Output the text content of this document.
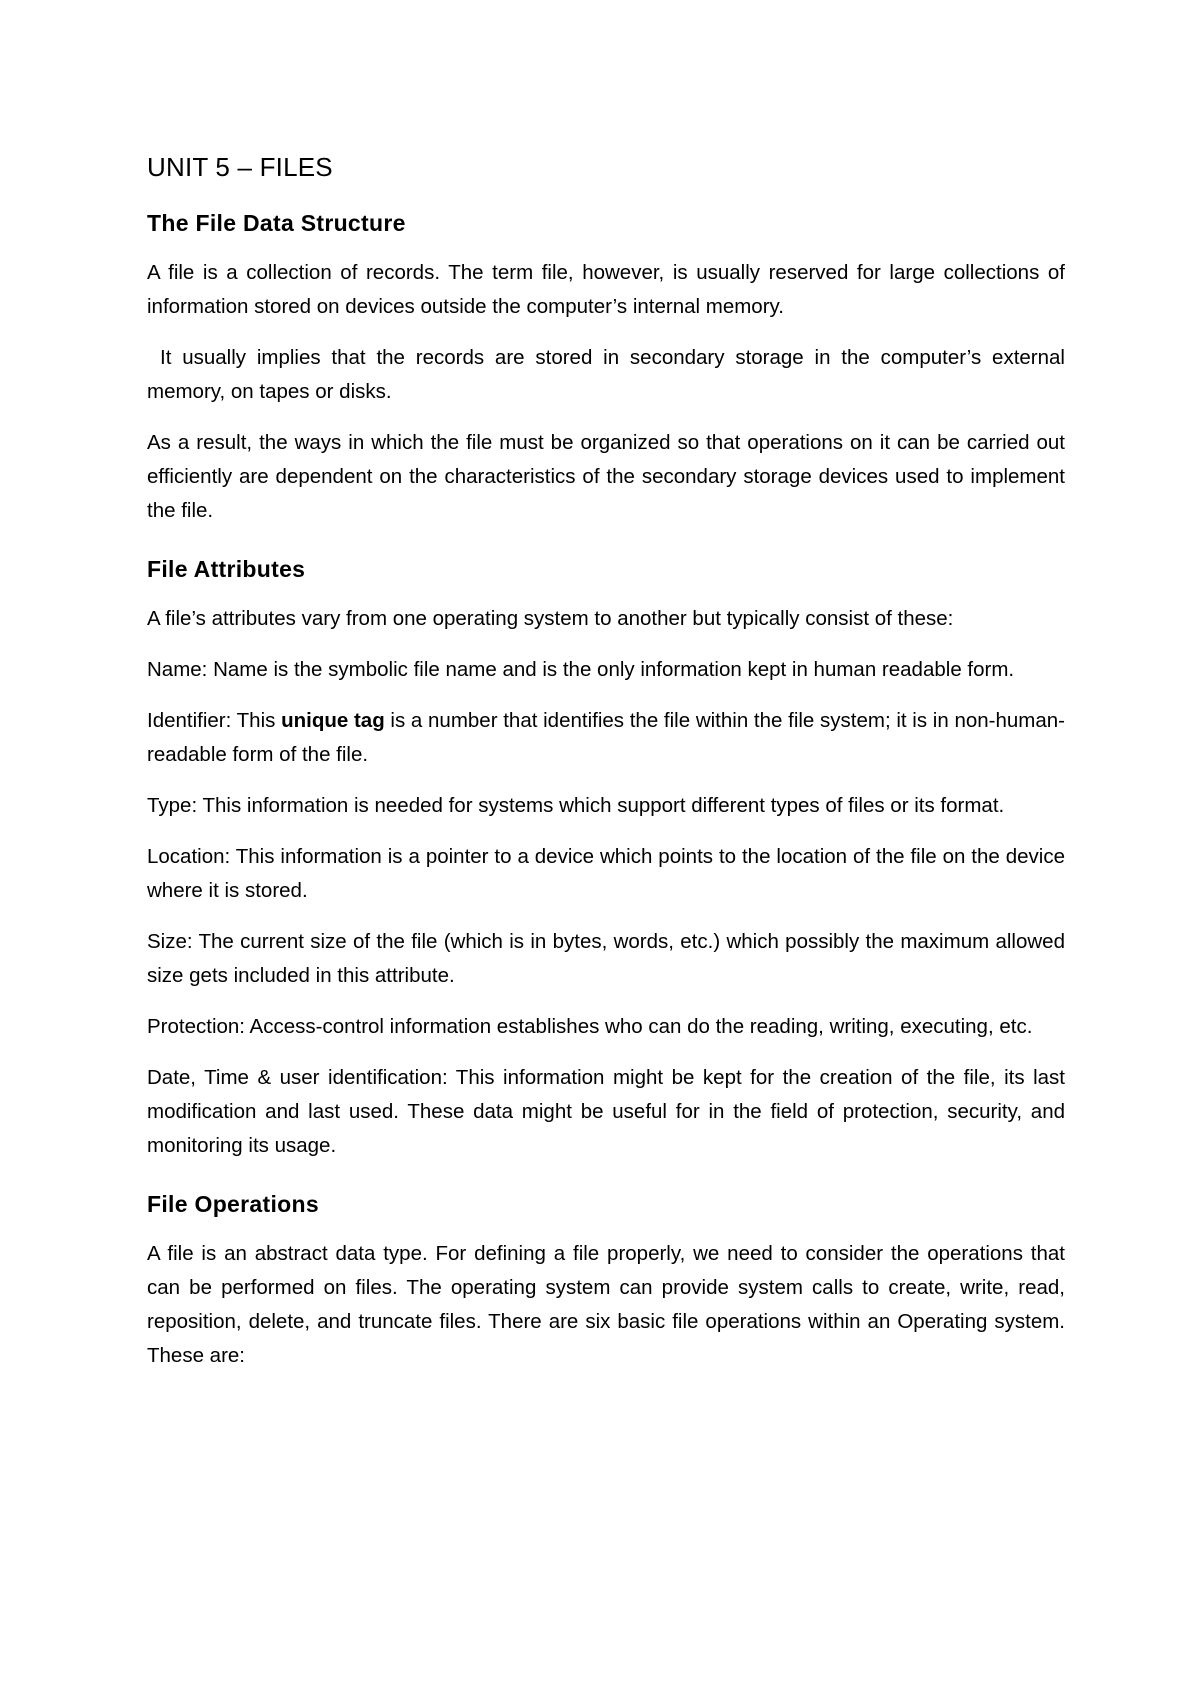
UNIT 5 – FILES
The File Data Structure

A file is a collection of records. The term file, however, is usually reserved for large collections of information stored on devices outside the computer’s internal memory.

It usually implies that the records are stored in secondary storage in the computer’s external memory, on tapes or disks.

As a result, the ways in which the file must be organized so that operations on it can be carried out efficiently are dependent on the characteristics of the secondary storage devices used to implement the file.

File Attributes

A file’s attributes vary from one operating system to another but typically consist of these:

Name: Name is the symbolic file name and is the only information kept in human readable form.

Identifier: This unique tag is a number that identifies the file within the file system; it is in non-human-readable form of the file.

Type: This information is needed for systems which support different types of files or its format.

Location: This information is a pointer to a device which points to the location of the file on the device where it is stored.

Size: The current size of the file (which is in bytes, words, etc.) which possibly the maximum allowed size gets included in this attribute.

Protection: Access-control information establishes who can do the reading, writing, executing, etc.

Date, Time & user identification: This information might be kept for the creation of the file, its last modification and last used. These data might be useful for in the field of protection, security, and monitoring its usage.

File Operations

A file is an abstract data type. For defining a file properly, we need to consider the operations that can be performed on files. The operating system can provide system calls to create, write, read, reposition, delete, and truncate files. There are six basic file operations within an Operating system. These are:
